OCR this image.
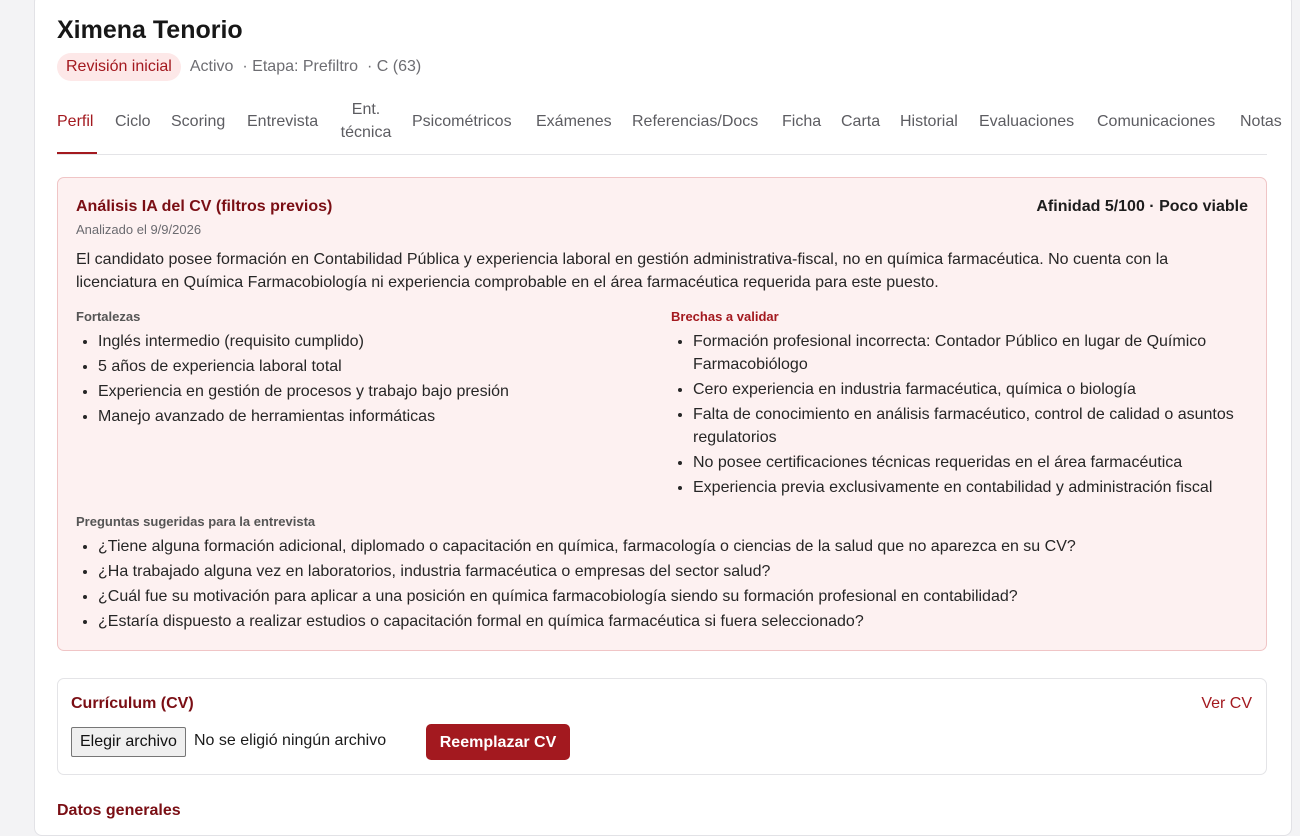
Ximena Tenorio
Revisión inicial	Activo · Etapa: Prefiltro · C (63)
Perfil Ciclo Scoring Entrevista
Ent. técnica
Psicométricos Exámenes Referencias/Docs Ficha Carta Historial Evaluaciones Comunicaciones Notas
Análisis IA del CV (filtros previos)	Afinidad 5/100 · Poco viable
Analizado el 9/9/2026
El candidato posee formación en Contabilidad Pública y experiencia laboral en gestión administrativa-fiscal, no en química farmacéutica. No cuenta con la licenciatura en Química Farmacobiología ni experiencia comprobable en el área farmacéutica requerida para este puesto.
Fortalezas
• Inglés intermedio (requisito cumplido)
• 5 años de experiencia laboral total
• Experiencia en gestión de procesos y trabajo bajo presión
• Manejo avanzado de herramientas informáticas
Brechas a validar
• Formación profesional incorrecta: Contador Público en lugar de Químico Farmacobiólogo
• Cero experiencia en industria farmacéutica, química o biología
• Falta de conocimiento en análisis farmacéutico, control de calidad o asuntos regulatorios
• No posee certificaciones técnicas requeridas en el área farmacéutica
• Experiencia previa exclusivamente en contabilidad y administración fiscal
Preguntas sugeridas para la entrevista
• ¿Tiene alguna formación adicional, diplomado o capacitación en química, farmacología o ciencias de la salud que no aparezca en su CV?
• ¿Ha trabajado alguna vez en laboratorios, industria farmacéutica o empresas del sector salud?
• ¿Cuál fue su motivación para aplicar a una posición en química farmacobiología siendo su formación profesional en contabilidad?
• ¿Estaría dispuesto a realizar estudios o capacitación formal en química farmacéutica si fuera seleccionado?
Currículum (CV)	Ver CV
Elegir archivo	No se eligió ningún archivo	Reemplazar CV
Datos generales
